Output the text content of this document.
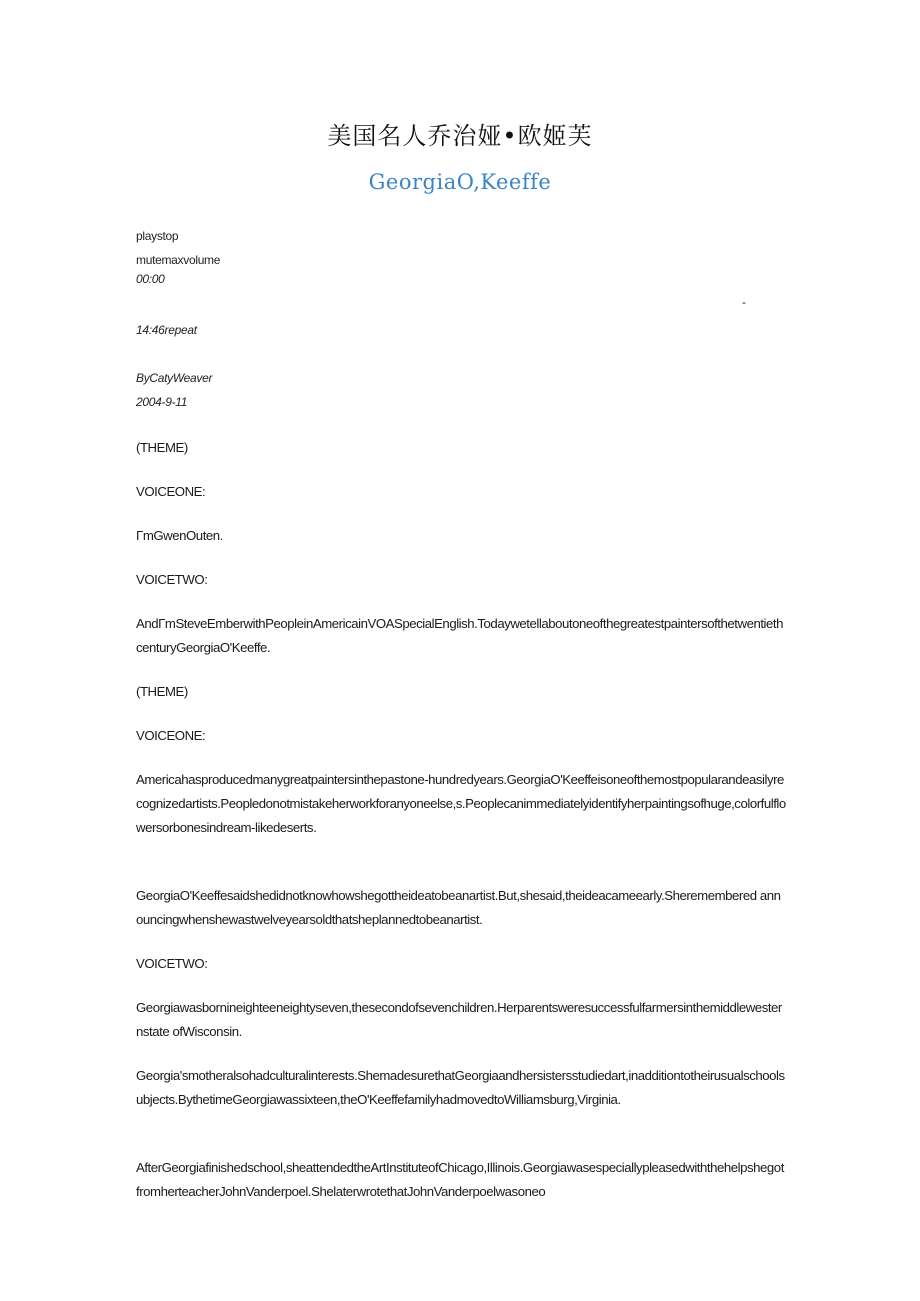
美国名人乔治娅•欧姬芙
GeorgiaO,Keeffe
playstop
mutemaxvolume
00:00
-
14:46repeat
ByCatyWeaver
2004-9-11
(THEME)
VOICEONE:
ΓmGwenOuten.
VOICETWO:
AndΓmSteveEmberwithPeopleinAmericainVOASpecialEnglish.TodaywetellaboutoneofthegreatestpaintersofthetwentiethcenturyGeorgiaO'Keeffe.
(THEME)
VOICEONE:
Americahasproducedmanygreatpaintersinthepastone-hundredyears.GeorgiaO'Keeffeisoneofthemostpopularandeasilyrecognizedartists.Peopledonotmistakeherworkforanyoneelse,s.Peoplecanimmediatelyidentifyherpaintingsofhuge,colorfulflowersorbonesindream-likedeserts.
GeorgiaO'Keeffesaidshedidnotknowhowshegottheideatobeanartist.But,shesaid,theideacameearly.Sheremembered announcingwhenshewastwelveyearsoldthatsheplannedtobeanartist.
VOICETWO:
Georgiawasbornineighteeneightyseven,thesecondofsevenchildren.Herparentsweresuccessfulfarmersinthemiddlewesternstate ofWisconsin.
Georgia'smotheralsohadculturalinterests.ShemadesurethatGeorgiaandhersistersstudiedart,inadditiontotheirusualschoolsubjects.BythetimeGeorgiawassixteen,theO'KeeffefamilyhadmovedtoWilliamsburg,Virginia.
AfterGeorgiafinishedschool,sheattendedtheArtInstituteofChicago,Illinois.GeorgiawasespeciallypleasedwiththehelpshegotfromherteacherJohnVanderpoel.ShelaterwrotethatJohnVanderpoelwasoneo
